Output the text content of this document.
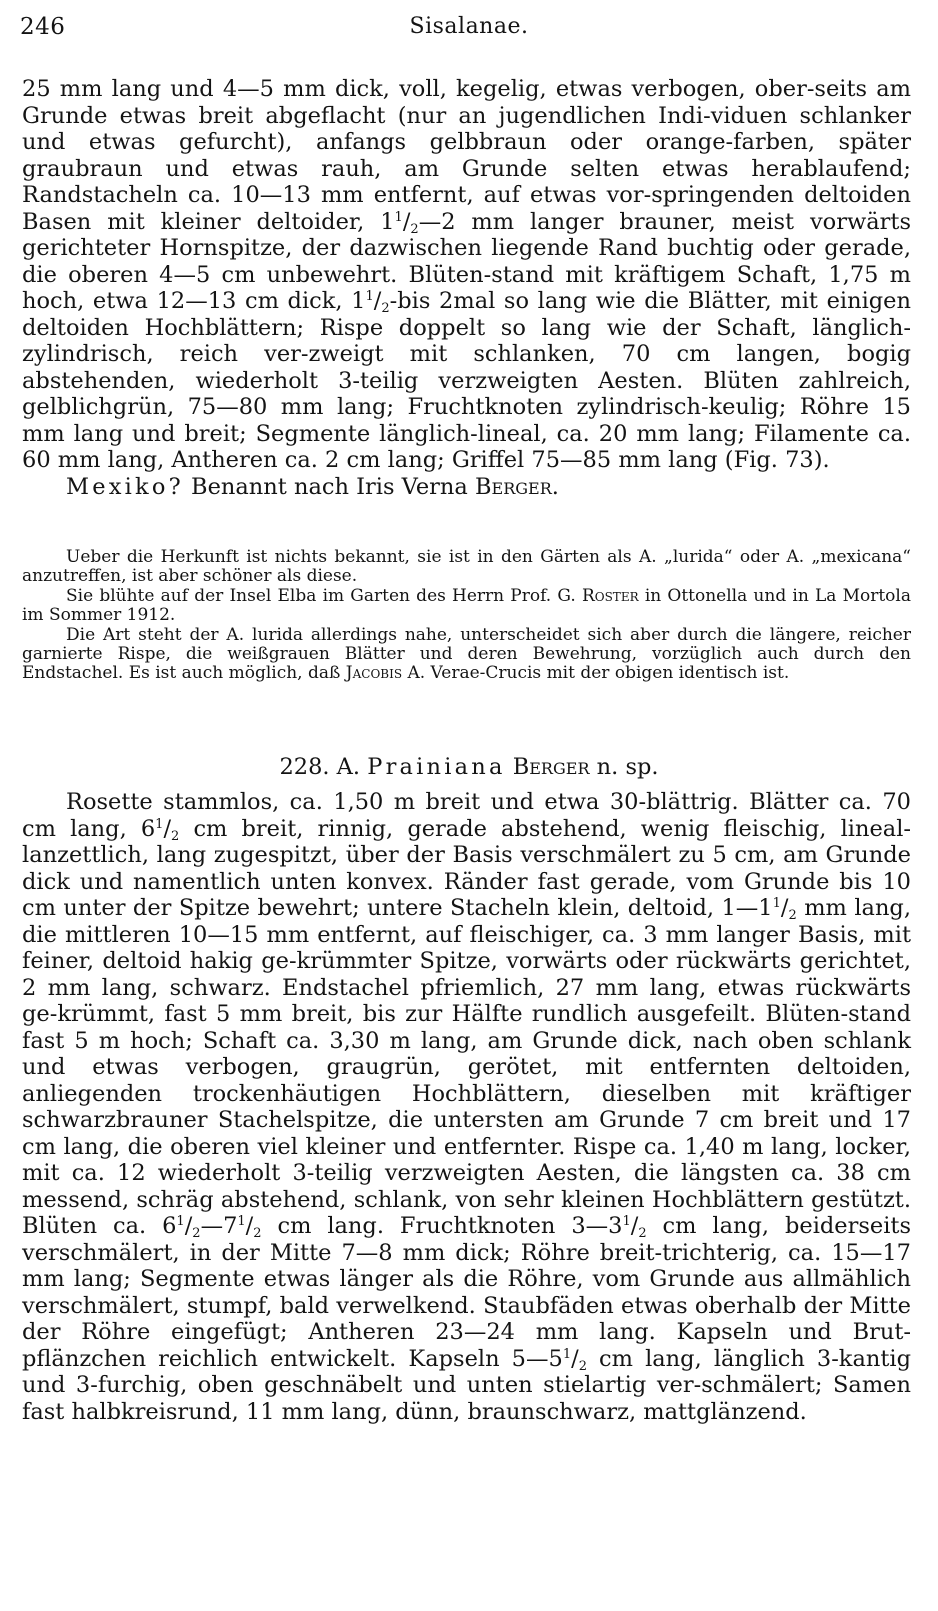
246	Sisalanae.

25 mm lang und 4—5 mm dick, voll, kegelig, etwas verbogen, ober-seits am Grunde etwas breit abgeflacht (nur an jugendlichen Indi-viduen schlanker und etwas gefurcht), anfangs gelbbraun oder orange-farben, später graubraun und etwas rauh, am Grunde selten etwas herablaufend; Randstacheln ca. 10—13 mm entfernt, auf etwas vor-springenden deltoiden Basen mit kleiner deltoider, $1^1/_2—2$ mm langer brauner, meist vorwärts gerichteter Hornspitze, der dazwischen liegende Rand buchtig oder gerade, die oberen 4—5 cm unbewehrt. Blüten-stand mit kräftigem Schaft, 1,75 m hoch, etwa 12—13 cm dick, $1^1/_2$-bis 2mal so lang wie die Blätter, mit einigen deltoiden Hochblättern; Rispe doppelt so lang wie der Schaft, länglich-zylindrisch, reich ver-zweigt mit schlanken, 70 cm langen, bogig abstehenden, wiederholt 3-teilig verzweigten Aesten. Blüten zahlreich, gelblichgrün, 75—80 mm lang; Fruchtknoten zylindrisch-keulig; Röhre 15 mm lang und breit; Segmente länglich-lineal, ca. 20 mm lang; Filamente ca. 60 mm lang, Antheren ca. 2 cm lang; Griffel 75—85 mm lang (Fig. 73).

Mexiko? Benannt nach Iris Verna Berger.

Ueber die Herkunft ist nichts bekannt, sie ist in den Gärten als A. „lurida“ oder A. „mexicana“ anzutreffen, ist aber schöner als diese.

Sie blühte auf der Insel Elba im Garten des Herrn Prof. G. Roster in Ottonella und in La Mortola im Sommer 1912.

Die Art steht der A. lurida allerdings nahe, unterscheidet sich aber durch die längere, reicher garnierte Rispe, die weißgrauen Blätter und deren Bewehrung, vorzüglich auch durch den Endstachel. Es ist auch möglich, daß Jacobis A. Verae-Crucis mit der obigen identisch ist.

228. A. Prainiana Berger n. sp.

Rosette stammlos, ca. 1,50 m breit und etwa 30-blättrig. Blätter ca. 70 cm lang, $6^1/_2$ cm breit, rinnig, gerade abstehend, wenig fleischig, lineal-lanzettlich, lang zugespitzt, über der Basis verschmälert zu 5 cm, am Grunde dick und namentlich unten konvex. Ränder fast gerade, vom Grunde bis 10 cm unter der Spitze bewehrt; untere Stacheln klein, deltoid, $1—1^1/_2$ mm lang, die mittleren 10—15 mm entfernt, auf fleischiger, ca. 3 mm langer Basis, mit feiner, deltoid hakig ge-krümmter Spitze, vorwärts oder rückwärts gerichtet, 2 mm lang, schwarz. Endstachel pfriemlich, 27 mm lang, etwas rückwärts ge-krümmt, fast 5 mm breit, bis zur Hälfte rundlich ausgefeilt. Blüten-stand fast 5 m hoch; Schaft ca. 3,30 m lang, am Grunde dick, nach oben schlank und etwas verbogen, graugrün, gerötet, mit entfernten deltoiden, anliegenden trockenhäutigen Hochblättern, dieselben mit kräftiger schwarzbrauner Stachelspitze, die untersten am Grunde 7 cm breit und 17 cm lang, die oberen viel kleiner und entfernter. Rispe ca. 1,40 m lang, locker, mit ca. 12 wiederholt 3-teilig verzweigten Aesten, die längsten ca. 38 cm messend, schräg abstehend, schlank, von sehr kleinen Hochblättern gestützt. Blüten ca. $6^1/_2—7^1/_2$ cm lang. Fruchtknoten $3—3^1/_2$ cm lang, beiderseits verschmälert, in der Mitte 7—8 mm dick; Röhre breit-trichterig, ca. 15—17 mm lang; Segmente etwas länger als die Röhre, vom Grunde aus allmählich verschmälert, stumpf, bald verwelkend. Staubfäden etwas oberhalb der Mitte der Röhre eingefügt; Antheren 23—24 mm lang. Kapseln und Brut-pflänzchen reichlich entwickelt. Kapseln $5—5^1/_2$ cm lang, länglich 3-kantig und 3-furchig, oben geschnäbelt und unten stielartig ver-schmälert; Samen fast halbkreisrund, 11 mm lang, dünn, braunschwarz, mattglänzend.
